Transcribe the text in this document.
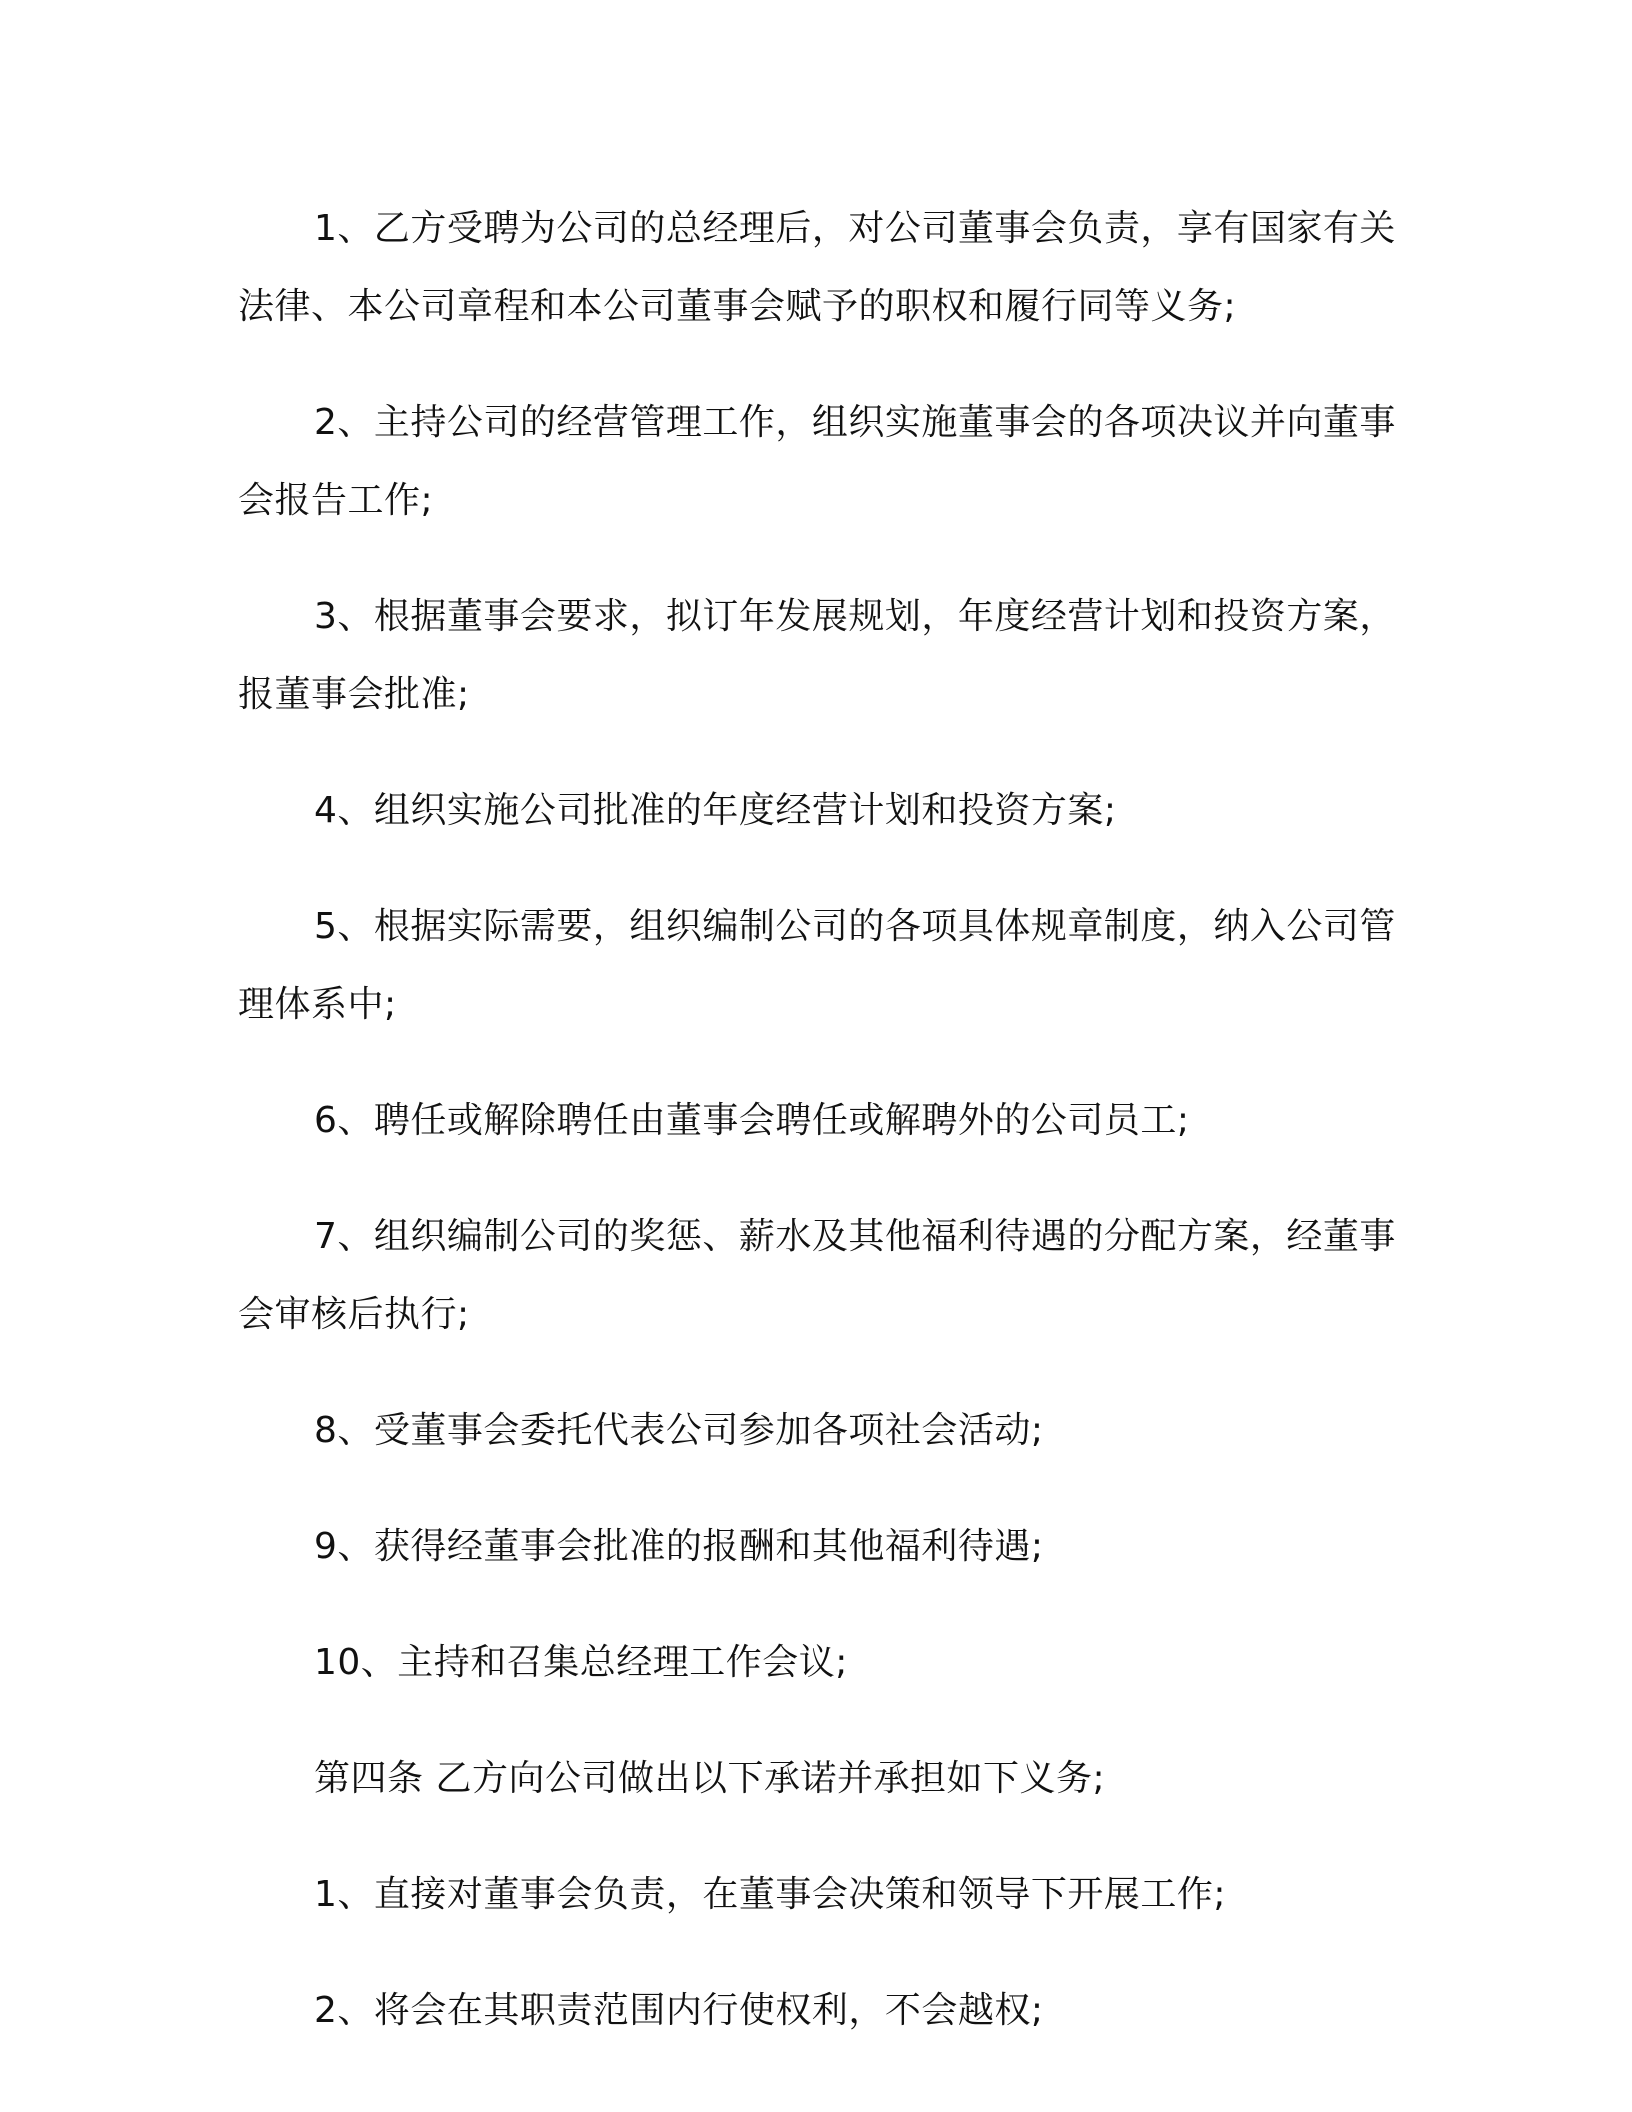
1、乙方受聘为公司的总经理后，对公司董事会负责，享有国家有关法律、本公司章程和本公司董事会赋予的职权和履行同等义务;

2、主持公司的经营管理工作，组织实施董事会的各项决议并向董事会报告工作;

3、根据董事会要求，拟订年发展规划，年度经营计划和投资方案，报董事会批准;

4、组织实施公司批准的年度经营计划和投资方案;

5、根据实际需要，组织编制公司的各项具体规章制度，纳入公司管理体系中;

6、聘任或解除聘任由董事会聘任或解聘外的公司员工;

7、组织编制公司的奖惩、薪水及其他福利待遇的分配方案，经董事会审核后执行;

8、受董事会委托代表公司参加各项社会活动;

9、获得经董事会批准的报酬和其他福利待遇;

10、主持和召集总经理工作会议;

第四条 乙方向公司做出以下承诺并承担如下义务;

1、直接对董事会负责，在董事会决策和领导下开展工作;

2、将会在其职责范围内行使权利，不会越权;
